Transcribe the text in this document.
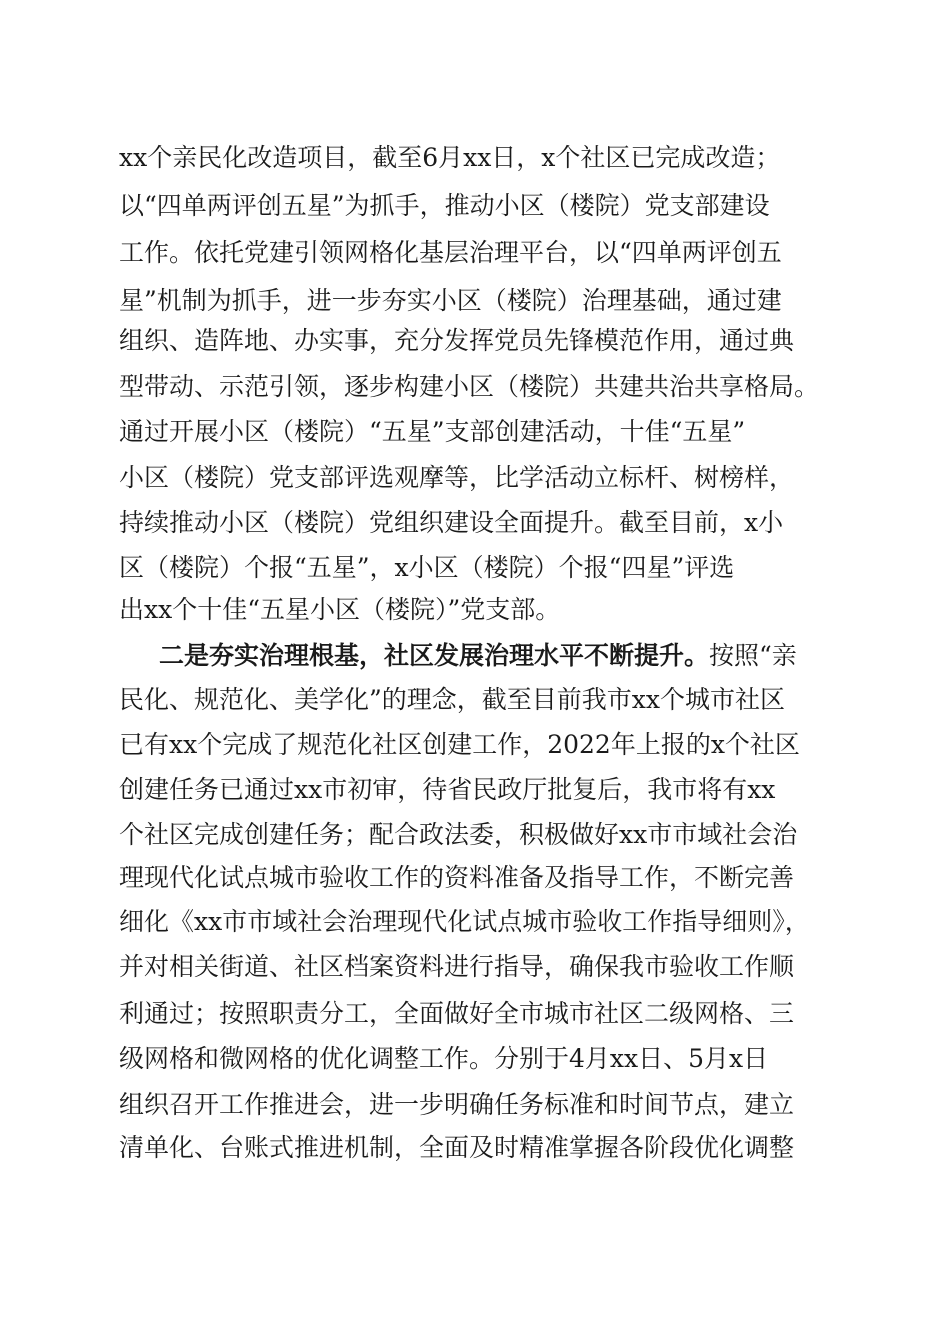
xx个亲民化改造项目，截至6月xx日，x个社区已完成改造；
以“四单两评创五星”为抓手，推动小区（楼院）党支部建设
工作。依托党建引领网格化基层治理平台，以“四单两评创五
星”机制为抓手，进一步夯实小区（楼院）治理基础，通过建
组织、造阵地、办实事，充分发挥党员先锋模范作用，通过典
型带动、示范引领，逐步构建小区（楼院）共建共治共享格局。
通过开展小区（楼院）“五星”支部创建活动，十佳“五星”
小区（楼院）党支部评选观摩等，比学活动立标杆、树榜样，
持续推动小区（楼院）党组织建设全面提升。截至目前，x小
区（楼院）个报“五星”，x小区（楼院）个报“四星”评选
出xx个十佳“五星小区（楼院）”党支部。
二是夯实治理根基，社区发展治理水平不断提升。按照“亲
民化、规范化、美学化”的理念，截至目前我市xx个城市社区
已有xx个完成了规范化社区创建工作，2022年上报的x个社区
创建任务已通过xx市初审，待省民政厅批复后，我市将有xx
个社区完成创建任务；配合政法委，积极做好xx市市域社会治
理现代化试点城市验收工作的资料准备及指导工作，不断完善
细化《xx市市域社会治理现代化试点城市验收工作指导细则》，
并对相关街道、社区档案资料进行指导，确保我市验收工作顺
利通过；按照职责分工，全面做好全市城市社区二级网格、三
级网格和微网格的优化调整工作。分别于4月xx日、5月x日
组织召开工作推进会，进一步明确任务标准和时间节点，建立
清单化、台账式推进机制，全面及时精准掌握各阶段优化调整
